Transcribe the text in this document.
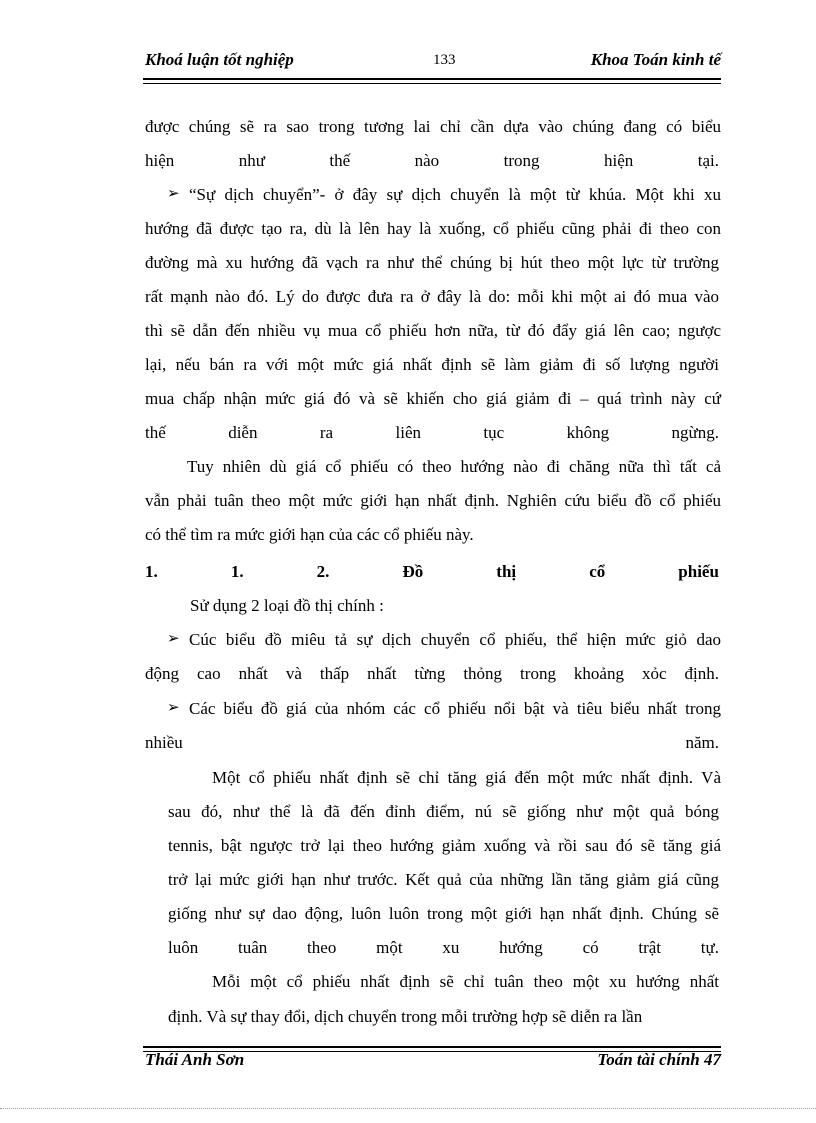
Khoá luận tốt nghiệp	133	Khoa Toán kinh tế
được chúng sẽ ra sao trong tương lai chỉ cần dựa vào chúng đang có biểu
hiện	như	thế	nào	trong	hiện	tại.
➢ “Sự dịch chuyển”- ở đây sự dịch chuyển là một từ khúa. Một khi xu
hướng đã được tạo ra, dù là lên hay là xuống, cổ phiếu cũng phải đi theo con
đường mà xu hướng đã vạch ra như thể chúng bị hút theo một lực từ trường
rất mạnh nào đó. Lý do được đưa ra ở đây là do: mỗi khi một ai đó mua vào
thì sẽ dẫn đến nhiều vụ mua cổ phiếu hơn nữa, từ đó đẩy giá lên cao; ngược
lại, nếu bán ra với một mức giá nhất định sẽ làm giảm đi số lượng người
mua chấp nhận mức giá đó và sẽ khiến cho giá giảm đi – quá trình này cứ
thế	diễn	ra	liên	tục	không	ngừng.
Tuy nhiên dù giá cổ phiếu có theo hướng nào đi chăng nữa thì tất cả
vẫn phải tuân theo một mức giới hạn nhất định. Nghiên cứu biểu đồ cổ phiếu
có thể tìm ra mức giới hạn của các cổ phiếu này.
1.	1.	2.	Đồ	thị	cổ	phiếu
Sử dụng 2 loại đồ thị chính :
➢ Cúc biểu đồ miêu tả sự dịch chuyển cổ phiếu, thể hiện mức giỏ dao
động cao nhất và thấp nhất từng thỏng trong khoảng xỏc định.
➢ Các biểu đồ giá của nhóm các cổ phiếu nổi bật và tiêu biểu nhất trong
nhiều	năm.
Một cổ phiếu nhất định sẽ chỉ tăng giá đến một mức nhất định. Và
sau đó, như thể là đã đến đỉnh điểm, nú sẽ giống như một quả bóng
tennis, bật ngược trở lại theo hướng giảm xuống và rồi sau đó sẽ tăng giá
trở lại mức giới hạn như trước. Kết quả của những lần tăng giảm giá cũng
giống như sự dao động, luôn luôn trong một giới hạn nhất định. Chúng sẽ
luôn tuân theo một xu hướng có trật tự.
Mỗi một cổ phiếu nhất định sẽ chỉ tuân theo một xu hướng nhất
định. Và sự thay đổi, dịch chuyển trong mỗi trường hợp sẽ diễn ra lần
Thái Anh Sơn	Toán tài chính 47
